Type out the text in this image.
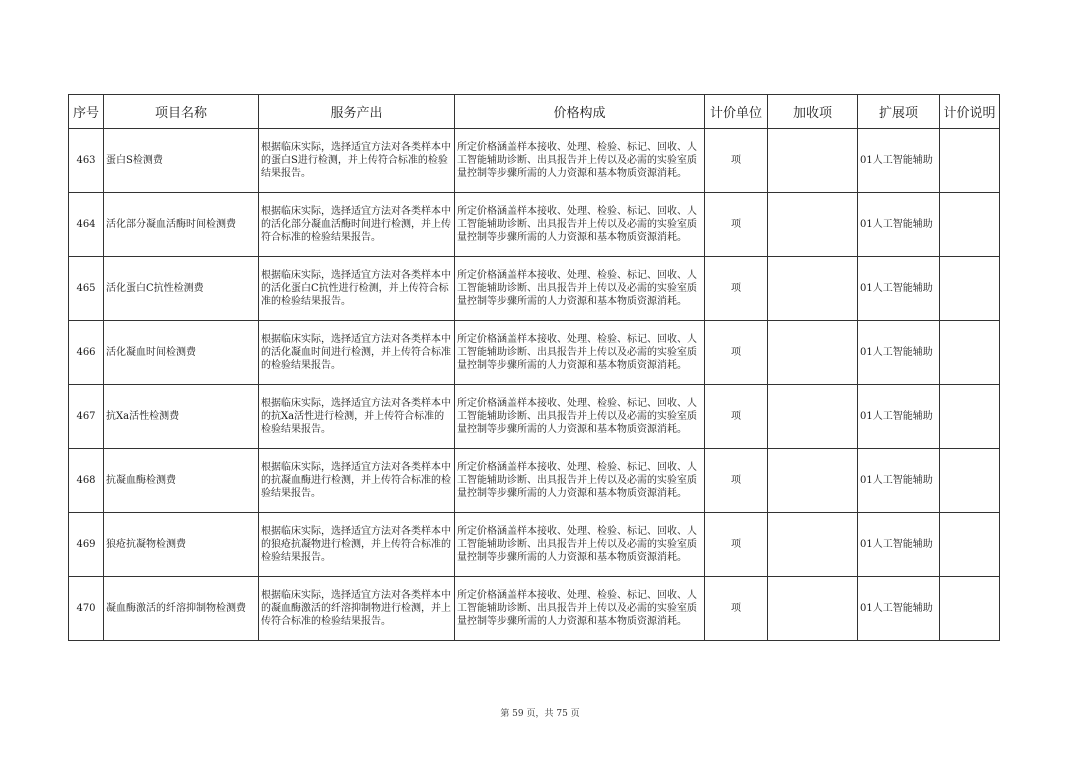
序号	项目名称	服务产出	价格构成	计价单位	加收项	扩展项	计价说明
463	蛋白S检测费	根据临床实际，选择适宜方法对各类样本中的蛋白S进行检测，并上传符合标准的检验结果报告。	所定价格涵盖样本接收、处理、检验、标记、回收、人工智能辅助诊断、出具报告并上传以及必需的实验室质量控制等步骤所需的人力资源和基本物质资源消耗。	项		01人工智能辅助	
464	活化部分凝血活酶时间检测费	根据临床实际，选择适宜方法对各类样本中的活化部分凝血活酶时间进行检测，并上传符合标准的检验结果报告。	所定价格涵盖样本接收、处理、检验、标记、回收、人工智能辅助诊断、出具报告并上传以及必需的实验室质量控制等步骤所需的人力资源和基本物质资源消耗。	项		01人工智能辅助	
465	活化蛋白C抗性检测费	根据临床实际，选择适宜方法对各类样本中的活化蛋白C抗性进行检测，并上传符合标准的检验结果报告。	所定价格涵盖样本接收、处理、检验、标记、回收、人工智能辅助诊断、出具报告并上传以及必需的实验室质量控制等步骤所需的人力资源和基本物质资源消耗。	项		01人工智能辅助	
466	活化凝血时间检测费	根据临床实际，选择适宜方法对各类样本中的活化凝血时间进行检测，并上传符合标准的检验结果报告。	所定价格涵盖样本接收、处理、检验、标记、回收、人工智能辅助诊断、出具报告并上传以及必需的实验室质量控制等步骤所需的人力资源和基本物质资源消耗。	项		01人工智能辅助	
467	抗Xa活性检测费	根据临床实际，选择适宜方法对各类样本中的抗Xa活性进行检测，并上传符合标准的检验结果报告。	所定价格涵盖样本接收、处理、检验、标记、回收、人工智能辅助诊断、出具报告并上传以及必需的实验室质量控制等步骤所需的人力资源和基本物质资源消耗。	项		01人工智能辅助	
468	抗凝血酶检测费	根据临床实际，选择适宜方法对各类样本中的抗凝血酶进行检测，并上传符合标准的检验结果报告。	所定价格涵盖样本接收、处理、检验、标记、回收、人工智能辅助诊断、出具报告并上传以及必需的实验室质量控制等步骤所需的人力资源和基本物质资源消耗。	项		01人工智能辅助	
469	狼疮抗凝物检测费	根据临床实际，选择适宜方法对各类样本中的狼疮抗凝物进行检测，并上传符合标准的检验结果报告。	所定价格涵盖样本接收、处理、检验、标记、回收、人工智能辅助诊断、出具报告并上传以及必需的实验室质量控制等步骤所需的人力资源和基本物质资源消耗。	项		01人工智能辅助	
470	凝血酶激活的纤溶抑制物检测费	根据临床实际，选择适宜方法对各类样本中的凝血酶激活的纤溶抑制物进行检测，并上传符合标准的检验结果报告。	所定价格涵盖样本接收、处理、检验、标记、回收、人工智能辅助诊断、出具报告并上传以及必需的实验室质量控制等步骤所需的人力资源和基本物质资源消耗。	项		01人工智能辅助	
第 59 页，共 75 页
